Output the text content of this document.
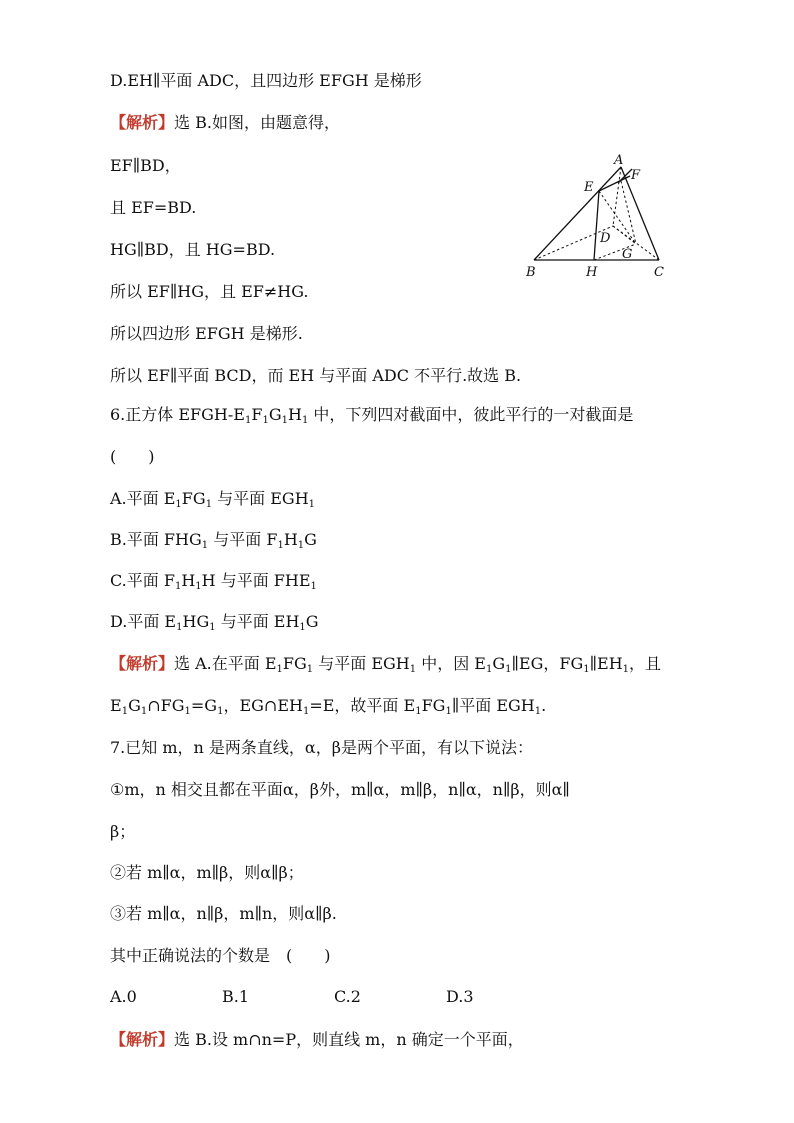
D.EH∥平面 ADC，且四边形 EFGH 是梯形
【解析】选 B.如图，由题意得，
EF∥BD，
且 EF=BD.
HG∥BD，且 HG=BD.
所以 EF∥HG，且 EF≠HG.
所以四边形 EFGH 是梯形.
所以 EF∥平面 BCD，而 EH 与平面 ADC 不平行.故选 B.
A
F
E
D
G
B	H	C
6.正方体 EFGH-$E_1F_1G_1H_1$ 中，下列四对截面中，彼此平行的一对截面是
(　　)
A.平面 $E_1FG_1$ 与平面 $EGH_1$
B.平面 $FHG_1$ 与平面 $F_1H_1G$
C.平面 $F_1H_1H$ 与平面 $FHE_1$
D.平面 $E_1HG_1$ 与平面 $EH_1G$
【解析】选 A.在平面 $E_1FG_1$ 与平面 $EGH_1$ 中，因 $E_1G_1\parallel EG$，$FG_1\parallel EH_1$，且
$E_1G_1\cap FG_1=G_1$，$EG\cap EH_1=E$，故平面 $E_1FG_1\parallel$平面 $EGH_1$.
7.已知 m，n 是两条直线，α，β是两个平面，有以下说法：
①m，n 相交且都在平面α，β外，m∥α，m∥β，n∥α，n∥β，则α∥
β；
②若 m∥α，m∥β，则α∥β；
③若 m∥α，n∥β，m∥n，则α∥β.
其中正确说法的个数是　(　　)
A.0	B.1	C.2	D.3
【解析】选 B.设 m∩n=P，则直线 m，n 确定一个平面，
